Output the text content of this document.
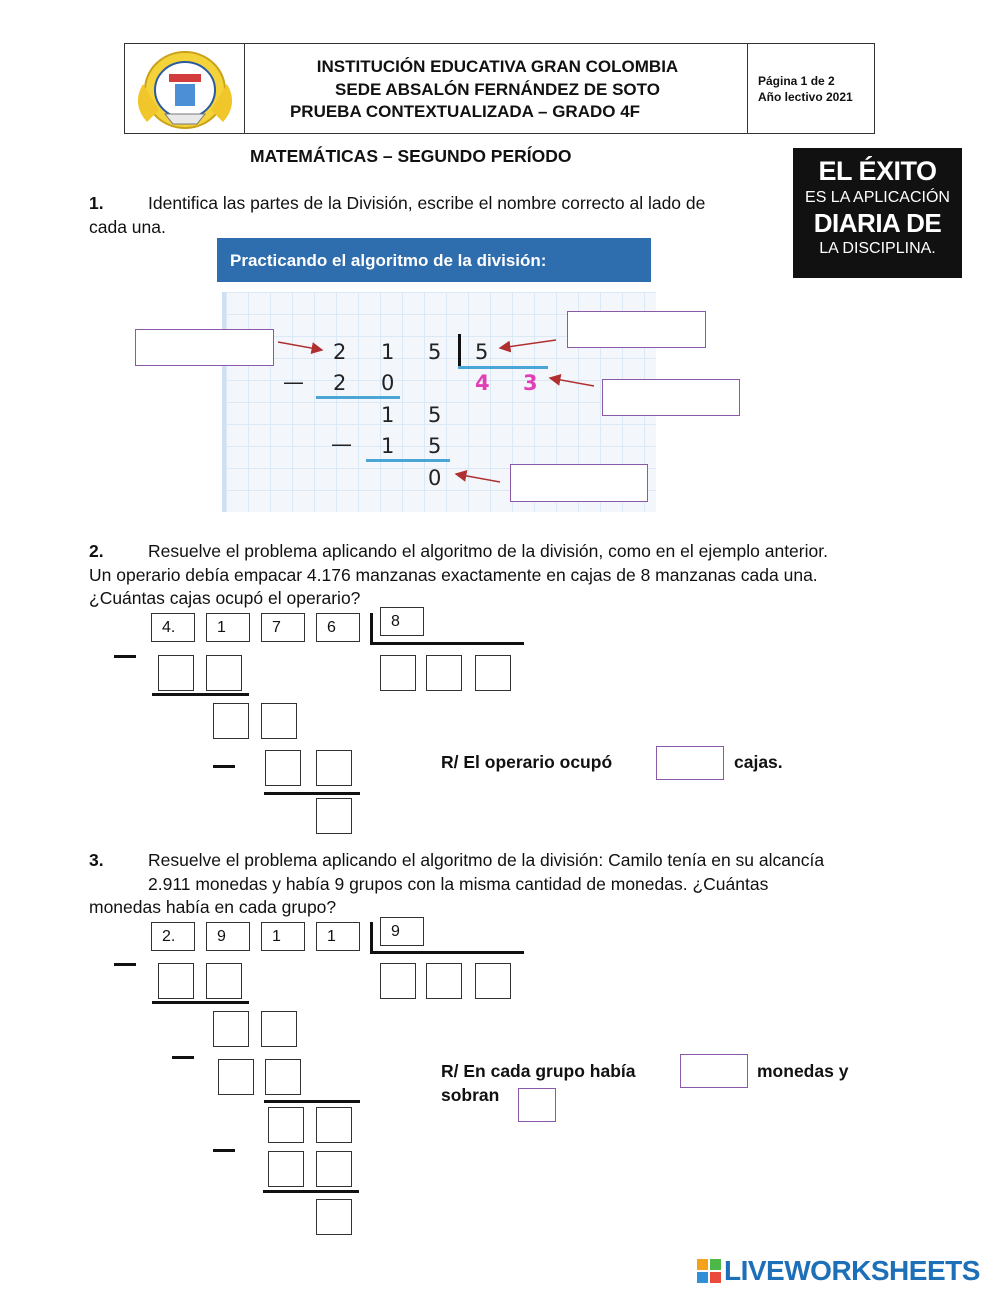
INSTITUCIÓN EDUCATIVA GRAN COLOMBIA
SEDE ABSALÓN FERNÁNDEZ DE SOTO
PRUEBA CONTEXTUALIZADA – GRADO 4F
Página 1 de 2
Año lectivo 2021
MATEMÁTICAS – SEGUNDO PERÍODO	EL ÉXITO
ES LA APLICACIÓN
DIARIA DE
LA DISCIPLINA.
1.	Identifica las partes de la División, escribe el nombre correcto al lado de
cada una.
Practicando el algoritmo de la división:
2 1 5 5
— 2 0	4 3
1 5
— 1 5
0
2.	Resuelve el problema aplicando el algoritmo de la división, como en el ejemplo anterior.
Un operario debía empacar 4.176 manzanas exactamente en cajas de 8 manzanas cada una.
¿Cuántas cajas ocupó el operario?
4.	1	7	6	8
R/ El operario ocupó	cajas.
3.	Resuelve el problema aplicando el algoritmo de la división: Camilo tenía en su alcancía
2.911 monedas y había 9 grupos con la misma cantidad de monedas. ¿Cuántas
monedas había en cada grupo?
2.	9	1	1	9
R/ En cada grupo había	monedas y
sobran
LIVEWORKSHEETS
